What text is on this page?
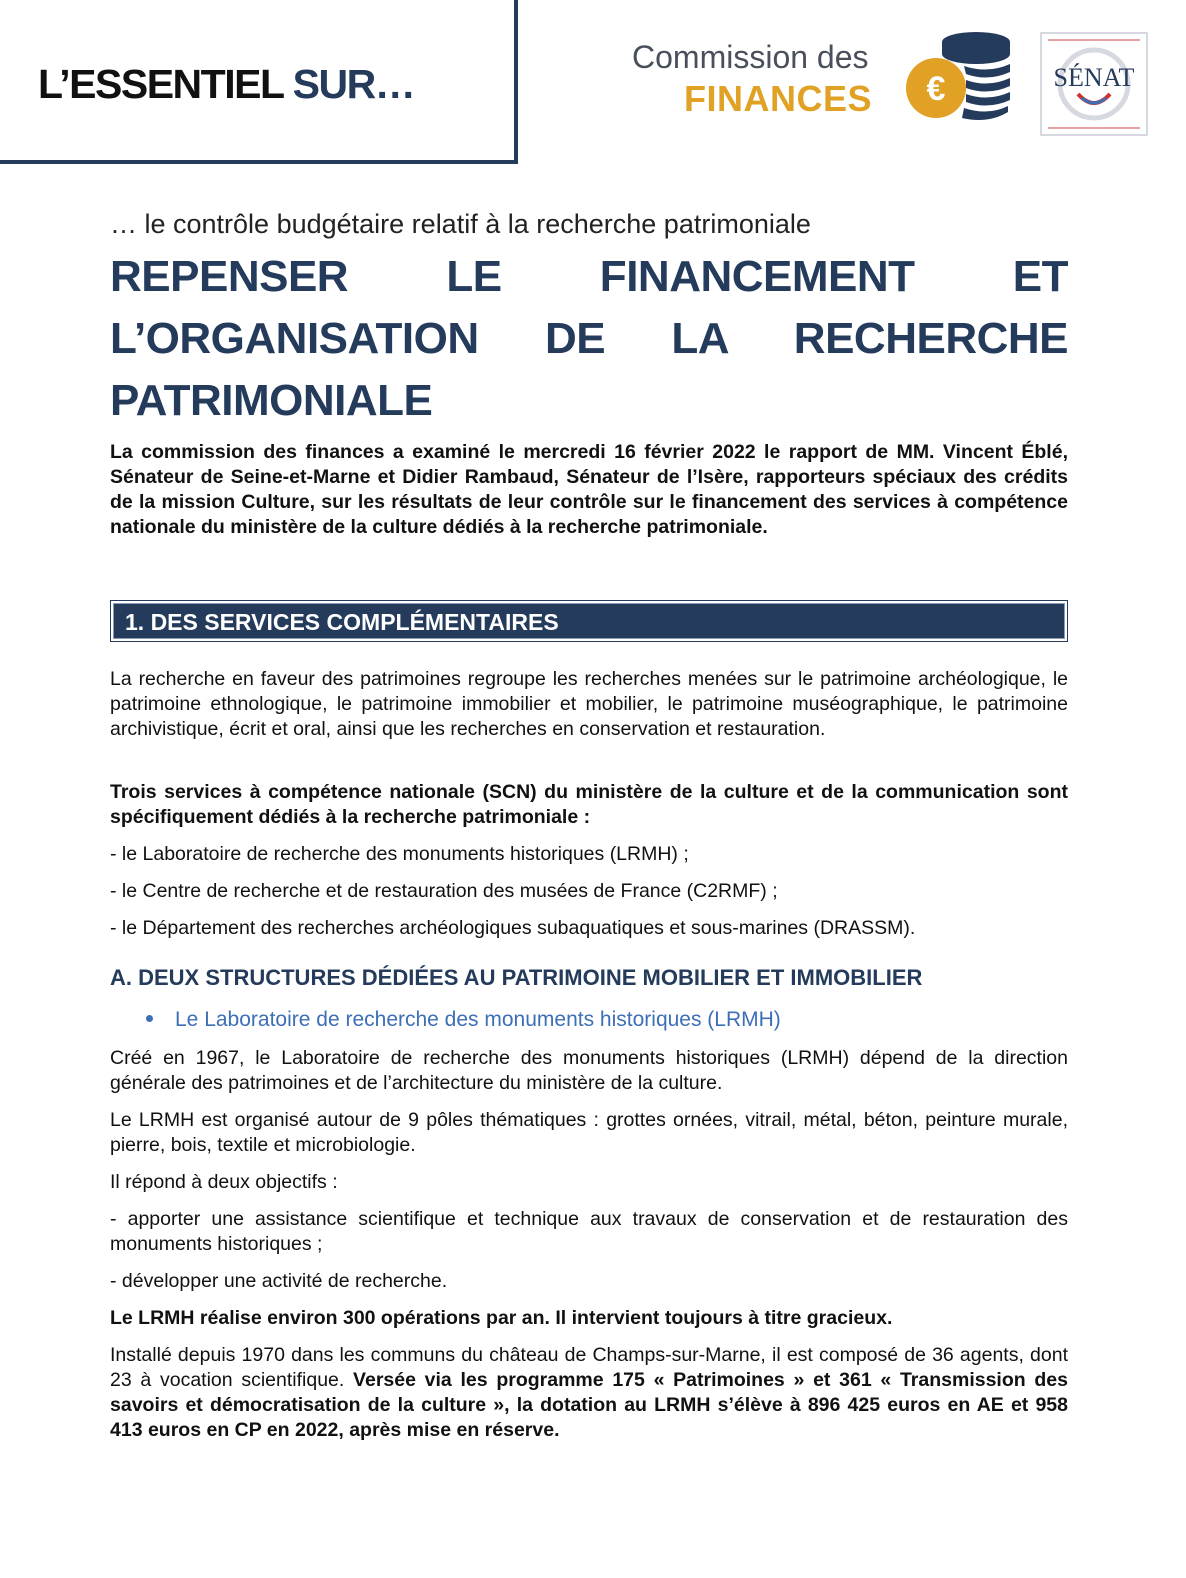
L’ESSENTIEL SUR…
Commission des
FINANCES €	SÉNAT

… le contrôle budgétaire relatif à la recherche patrimoniale

REPENSER LE FINANCEMENT ET L’ORGANISATION DE LA RECHERCHE PATRIMONIALE

La commission des finances a examiné le mercredi 16 février 2022 le rapport de MM. Vincent Éblé, Sénateur de Seine-et-Marne et Didier Rambaud, Sénateur de l’Isère, rapporteurs spéciaux des crédits de la mission Culture, sur les résultats de leur contrôle sur le financement des services à compétence nationale du ministère de la culture dédiés à la recherche patrimoniale.

1. DES SERVICES COMPLÉMENTAIRES

La recherche en faveur des patrimoines regroupe les recherches menées sur le patrimoine archéologique, le patrimoine ethnologique, le patrimoine immobilier et mobilier, le patrimoine muséographique, le patrimoine archivistique, écrit et oral, ainsi que les recherches en conservation et restauration.

Trois services à compétence nationale (SCN) du ministère de la culture et de la communication sont spécifiquement dédiés à la recherche patrimoniale :

- le Laboratoire de recherche des monuments historiques (LRMH) ;

- le Centre de recherche et de restauration des musées de France (C2RMF) ;

- le Département des recherches archéologiques subaquatiques et sous-marines (DRASSM).

A. DEUX STRUCTURES DÉDIÉES AU PATRIMOINE MOBILIER ET IMMOBILIER
Le Laboratoire de recherche des monuments historiques (LRMH)

Créé en 1967, le Laboratoire de recherche des monuments historiques (LRMH) dépend de la direction générale des patrimoines et de l’architecture du ministère de la culture.

Le LRMH est organisé autour de 9 pôles thématiques : grottes ornées, vitrail, métal, béton, peinture murale, pierre, bois, textile et microbiologie.

Il répond à deux objectifs :

- apporter une assistance scientifique et technique aux travaux de conservation et de restauration des monuments historiques ;

- développer une activité de recherche.

Le LRMH réalise environ 300 opérations par an. Il intervient toujours à titre gracieux.

Installé depuis 1970 dans les communs du château de Champs-sur-Marne, il est composé de 36 agents, dont 23 à vocation scientifique. Versée via les programme 175 « Patrimoines » et 361 « Transmission des savoirs et démocratisation de la culture », la dotation au LRMH s’élève à 896 425 euros en AE et 958 413 euros en CP en 2022, après mise en réserve.
